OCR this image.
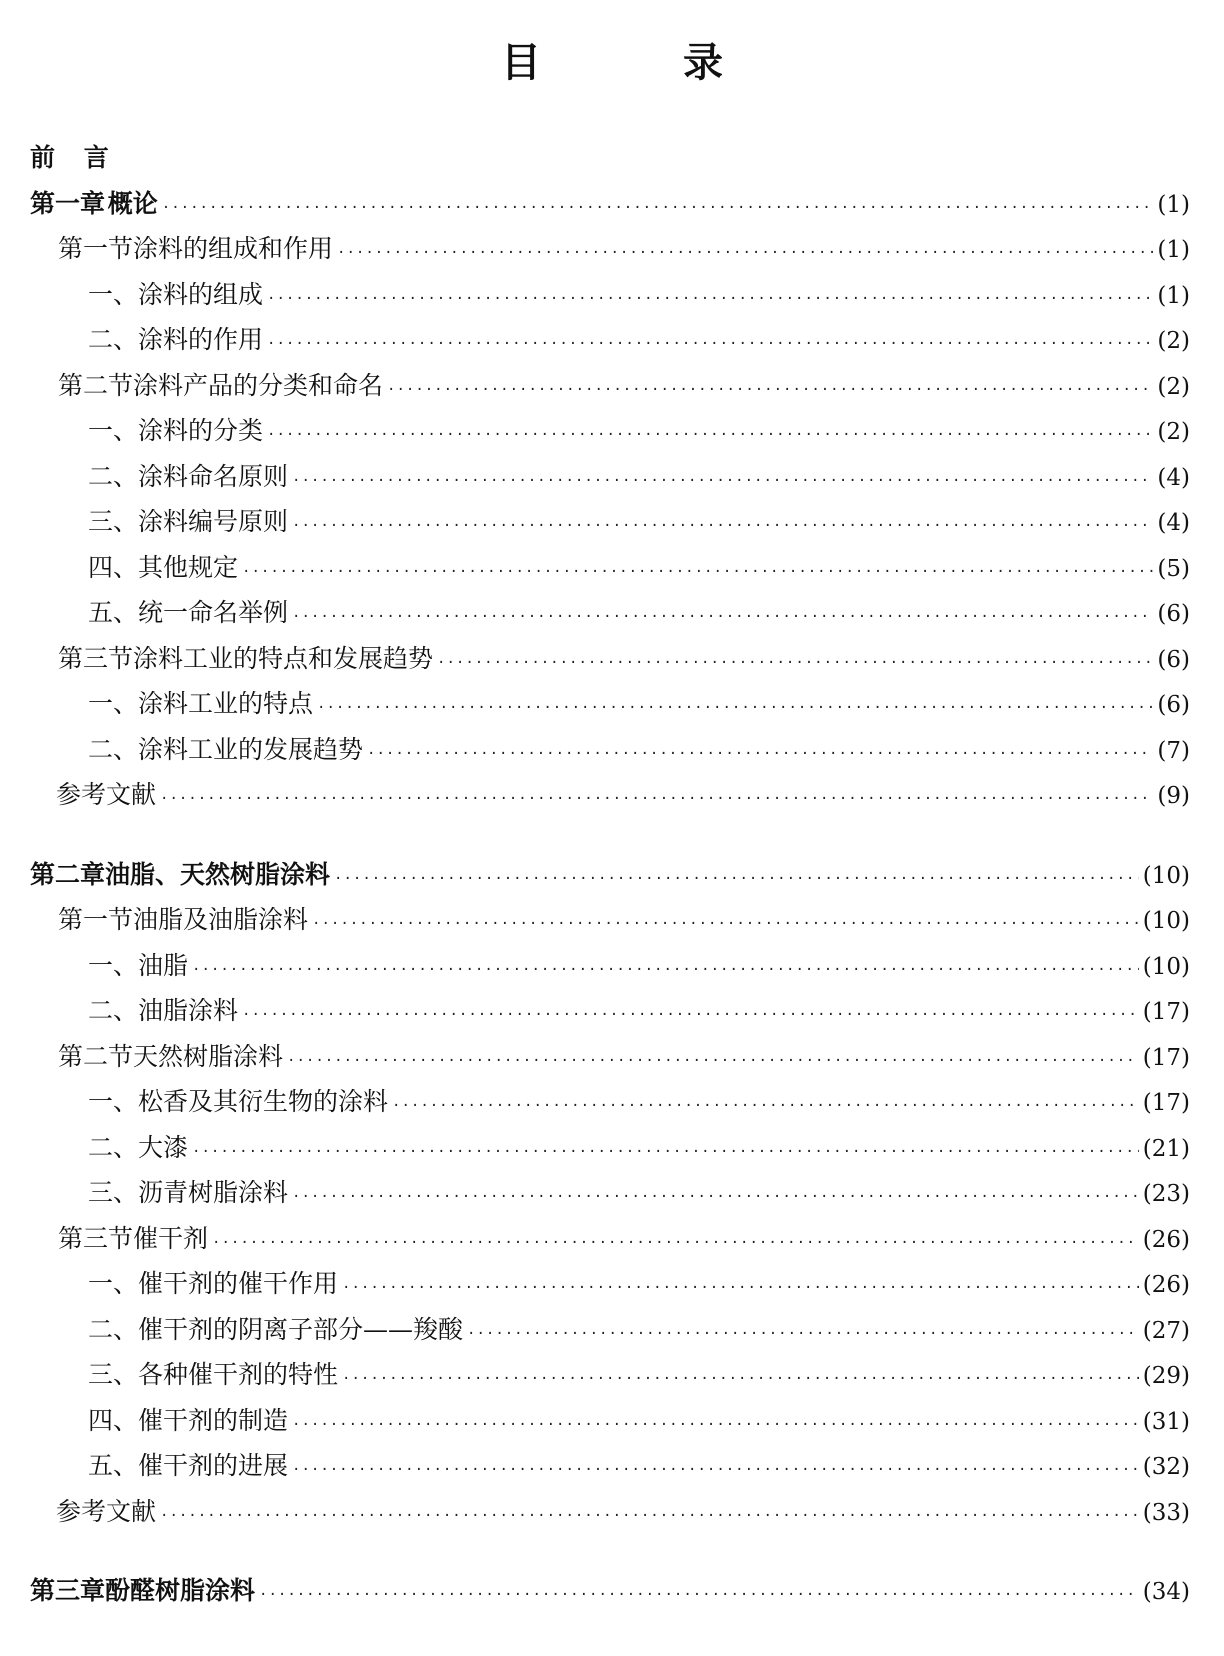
目 录
前 言
第一章 概论 ·····	(1)
第一节 涂料的组成和作用 ·····	(1)
一、 涂料的组成 ·····	(1)
二、 涂料的作用 ·····	(2)
第二节 涂料产品的分类和命名 ·····	(2)
一、 涂料的分类 ·····	(2)
二、 涂料命名原则 ·····	(4)
三、 涂料编号原则 ·····	(4)
四、 其他规定 ·····	(5)
五、 统一命名举例 ·····	(6)
第三节 涂料工业的特点和发展趋势 ·····	(6)
一、 涂料工业的特点 ·····	(6)
二、 涂料工业的发展趋势 ·····	(7)
参考文献 ·····	(9)
第二章 油脂、天然树脂涂料 ·····	(10)
第一节 油脂及油脂涂料 ·····	(10)
一、 油脂 ·····	(10)
二、 油脂涂料 ·····	(17)
第二节 天然树脂涂料 ·····	(17)
一、 松香及其衍生物的涂料 ·····	(17)
二、 大漆 ·····	(21)
三、 沥青树脂涂料 ·····	(23)
第三节 催干剂 ·····	(26)
一、 催干剂的催干作用 ·····	(26)
二、 催干剂的阴离子部分——羧酸 ·····	(27)
三、 各种催干剂的特性 ·····	(29)
四、 催干剂的制造 ·····	(31)
五、 催干剂的进展 ·····	(32)
参考文献 ·····	(33)
第三章 酚醛树脂涂料 ·····	(34)
